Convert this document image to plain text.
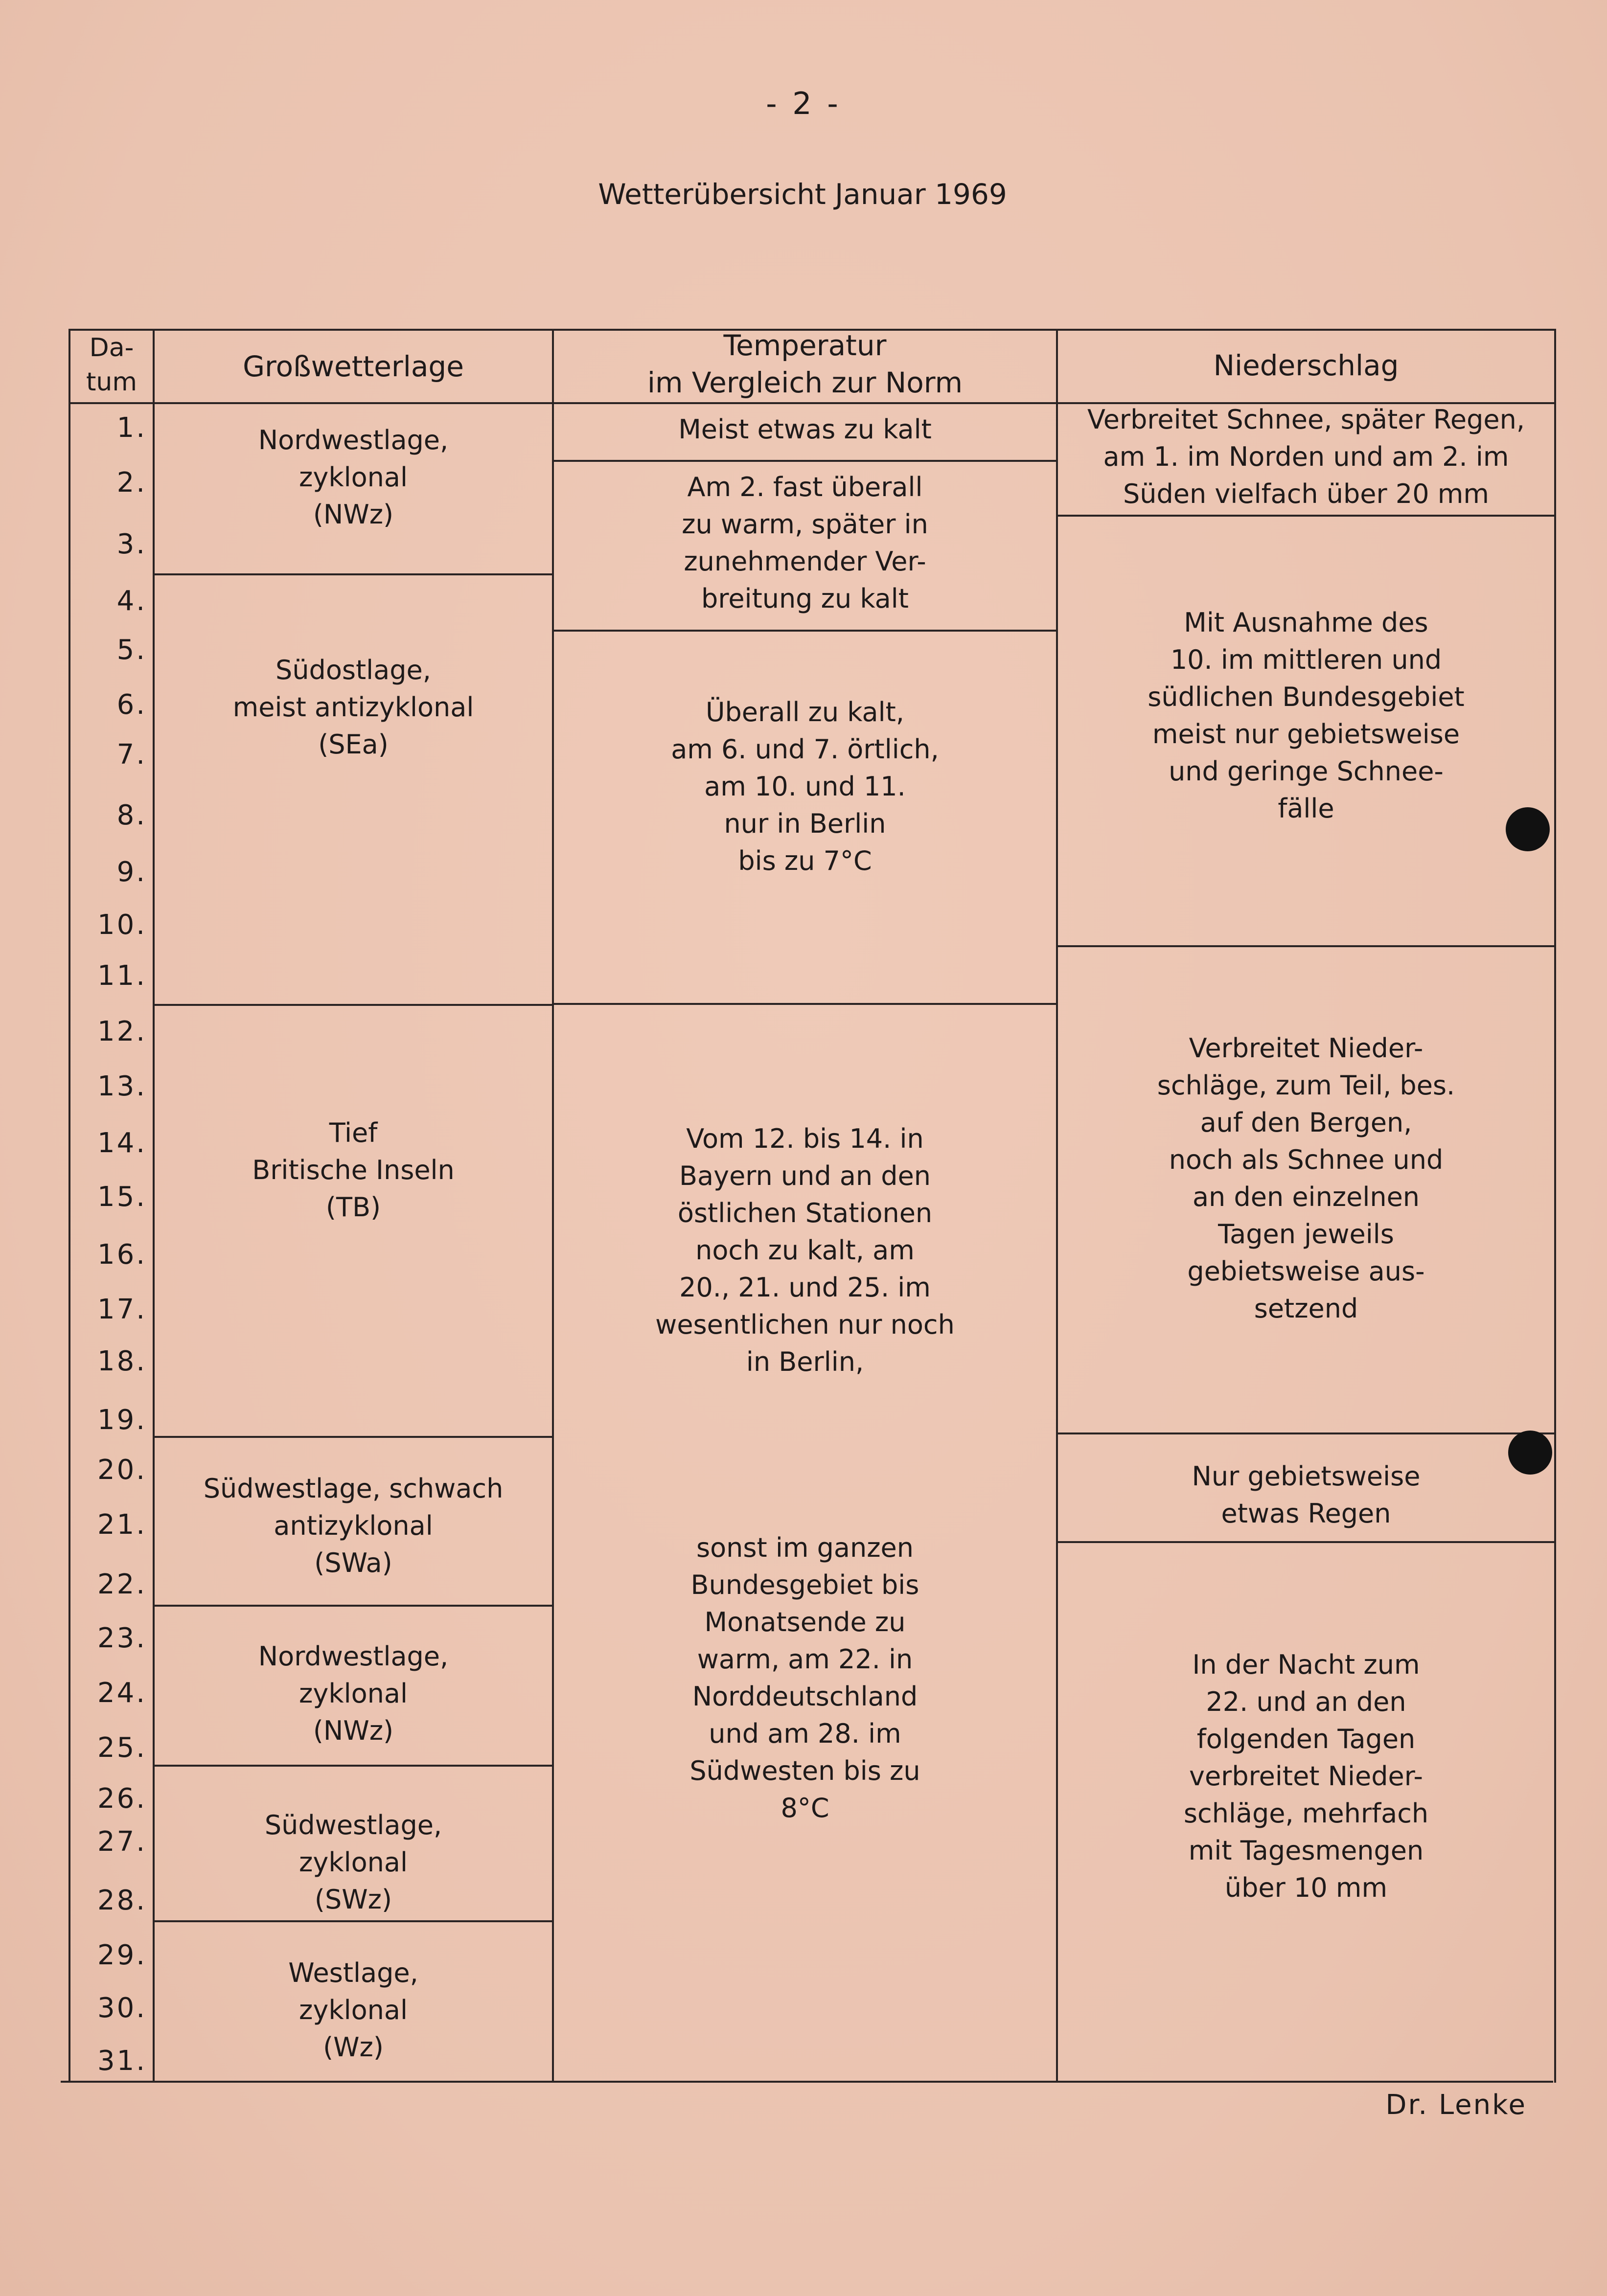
- 2 -
Wetterübersicht Januar 1969
Da-
tum	Großwetterlage
Temperatur
im Vergleich zur Norm
Niederschlag
1.
2.
3.
4.
5.
6.
7.
8.
9.
10.
11.
12.
13.
14.
15.
16.
17.
18.
19.
20.
21.
22.
23.
24.
25.
26.
27.
28.
29.
30.
31.
Nordwestlage,
zyklonal
(NWz)
Südostlage,
meist antizyklonal
(SEa)
Tief
Britische Inseln
(TB)
Südwestlage, schwach
antizyklonal
(SWa)
Nordwestlage,
zyklonal
(NWz)
Südwestlage,
zyklonal
(SWz)
Westlage,
zyklonal
(Wz)
Meist etwas zu kalt
Am 2. fast überall
zu warm, später in
zunehmender Ver-
breitung zu kalt
Überall zu kalt,
am 6. und 7. örtlich,
am 10. und 11.
nur in Berlin
bis zu 7°C
Vom 12. bis 14. in
Bayern und an den
östlichen Stationen
noch zu kalt, am
20., 21. und 25. im
wesentlichen nur noch
in Berlin,

sonst im ganzen
Bundesgebiet bis
Monatsende zu
warm, am 22. in
Norddeutschland
und am 28. im
Südwesten bis zu
8°C
Verbreitet Schnee, später Regen,
am 1. im Norden und am 2. im
Süden vielfach über 20 mm
Mit Ausnahme des
10. im mittleren und
südlichen Bundesgebiet
meist nur gebietsweise
und geringe Schnee-
fälle
Verbreitet Nieder-
schläge, zum Teil, bes.
auf den Bergen,
noch als Schnee und
an den einzelnen
Tagen jeweils
gebietsweise aus-
setzend
Nur gebietsweise
etwas Regen
In der Nacht zum
22. und an den
folgenden Tagen
verbreitet Nieder-
schläge, mehrfach
mit Tagesmengen
über 10 mm
Dr. Lenke
